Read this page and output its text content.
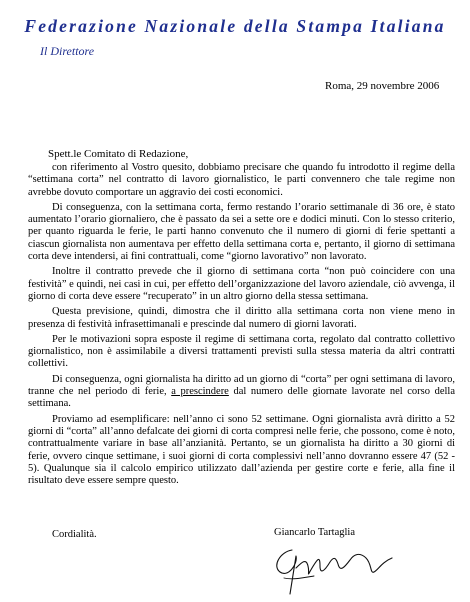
Federazione Nazionale della Stampa Italiana
Il Direttore
Roma, 29 novembre 2006
Spett.le Comitato di Redazione,

con riferimento al Vostro quesito, dobbiamo precisare che quando fu introdotto il regime della “settimana corta” nel contratto di lavoro giornalistico, le parti convennero che tale regime non avrebbe dovuto comportare un aggravio dei costi economici.

Di conseguenza, con la settimana corta, fermo restando l’orario settimanale di 36 ore, è stato aumentato l’orario giornaliero, che è passato da sei a sette ore e dodici minuti. Con lo stesso criterio, per quanto riguarda le ferie, le parti hanno convenuto che il numero di giorni di ferie spettanti a ciascun giornalista non aumentava per effetto della settimana corta e, pertanto, il giorno di settimana corta deve intendersi, ai fini contrattuali, come “giorno lavorativo” non lavorato.

Inoltre il contratto prevede che il giorno di settimana corta “non può coincidere con una festività” e quindi, nei casi in cui, per effetto dell’organizzazione del lavoro aziendale, ciò avvenga, il giorno di corta deve essere “recuperato” in un altro giorno della stessa settimana.

Questa previsione, quindi, dimostra che il diritto alla settimana corta non viene meno in presenza di festività infrasettimanali e prescinde dal numero di giorni lavorati.

Per le motivazioni sopra esposte il regime di settimana corta, regolato dal contratto collettivo giornalistico, non è assimilabile a diversi trattamenti previsti sulla stessa materia da altri contratti collettivi.

Di conseguenza, ogni giornalista ha diritto ad un giorno di “corta” per ogni settimana di lavoro, tranne che nel periodo di ferie, a prescindere dal numero delle giornate lavorate nel corso della settimana.

Proviamo ad esemplificare: nell’anno ci sono 52 settimane. Ogni giornalista avrà diritto a 52 giorni di “corta” all’anno defalcate dei giorni di corta compresi nelle ferie, che possono, come è noto, contrattualmente variare in base all’anzianità. Pertanto, se un giornalista ha diritto a 30 giorni di ferie, ovvero cinque settimane, i suoi giorni di corta complessivi nell’anno dovranno essere 47 (52 - 5). Qualunque sia il calcolo empirico utilizzato dall’azienda per gestire corte e ferie, alla fine il risultato deve essere sempre questo.

Cordialità.	Giancarlo Tartaglia
